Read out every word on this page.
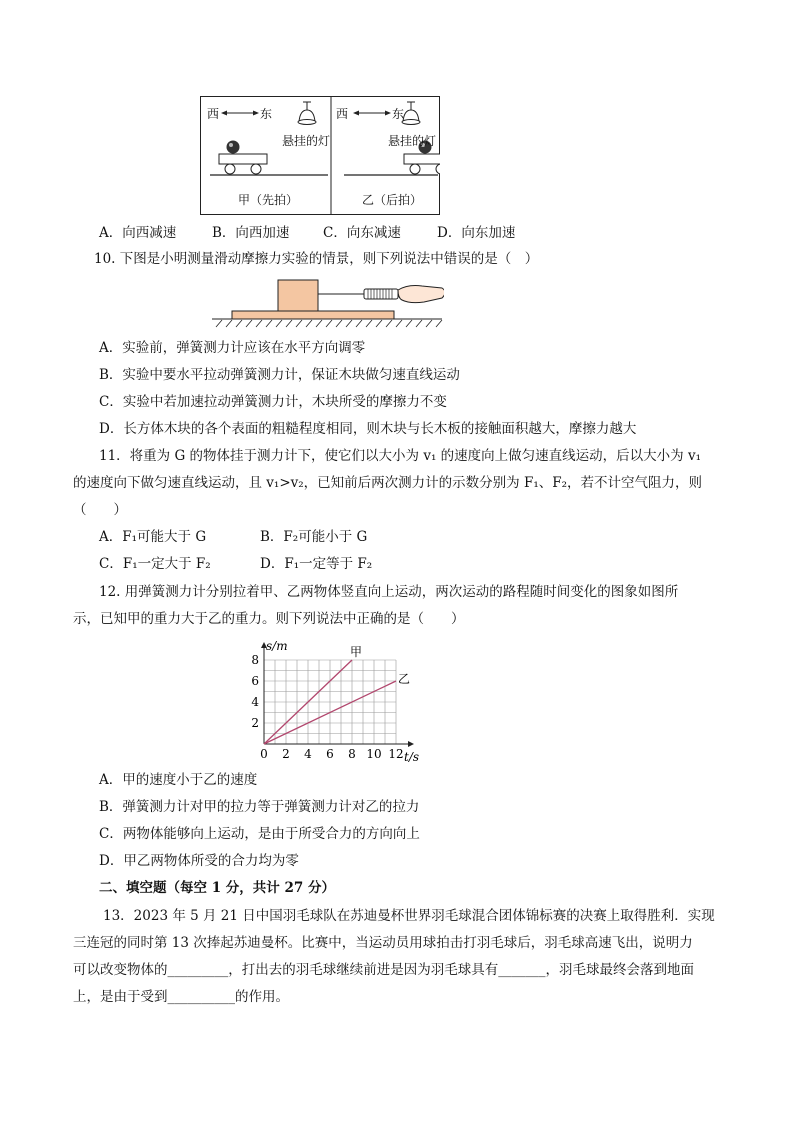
西	东
悬挂的灯
甲（先拍）
西	东
悬挂的灯
乙（后拍）
A．向西减速	B．向西加速 C．向东减速	D．向东加速
10. 下图是小明测量滑动摩擦力实验的情景，则下列说法中错误的是（　）
A．实验前，弹簧测力计应该在水平方向调零
B．实验中要水平拉动弹簧测力计，保证木块做匀速直线运动
C．实验中若加速拉动弹簧测力计，木块所受的摩擦力不变
D．长方体木块的各个表面的粗糙程度相同，则木块与长木板的接触面积越大，摩擦力越大
11．将重为 G 的物体挂于测力计下，使它们以大小为 v₁ 的速度向上做匀速直线运动，后以大小为 v₁
的速度向下做匀速直线运动，且 v₁>v₂，已知前后两次测力计的示数分别为 F₁、F₂，若不计空气阻力，则
（　　）
A．F₁可能大于 G	B．F₂可能小于 G
C．F₁一定大于 F₂	D．F₁一定等于 F₂
12. 用弹簧测力计分别拉着甲、乙两物体竖直向上运动，两次运动的路程随时间变化的图象如图所
示，已知甲的重力大于乙的重力。则下列说法中正确的是（　　）
甲
乙
0 2 4 6 8 10 12
2
4
6
8
s/m
t/s
A．甲的速度小于乙的速度
B．弹簧测力计对甲的拉力等于弹簧测力计对乙的拉力
C．两物体能够向上运动，是由于所受合力的方向向上
D．甲乙两物体所受的合力均为零
二、填空题（每空 1 分，共计 27 分）
13．2023 年 5 月 21 日中国羽毛球队在苏迪曼杯世界羽毛球混合团体锦标赛的决赛上取得胜利．实现
三连冠的同时第 13 次捧起苏迪曼杯。比赛中，当运动员用球拍击打羽毛球后，羽毛球高速飞出，说明力
可以改变物体的_________，打出去的羽毛球继续前进是因为羽毛球具有_______，羽毛球最终会落到地面
上，是由于受到__________的作用。
